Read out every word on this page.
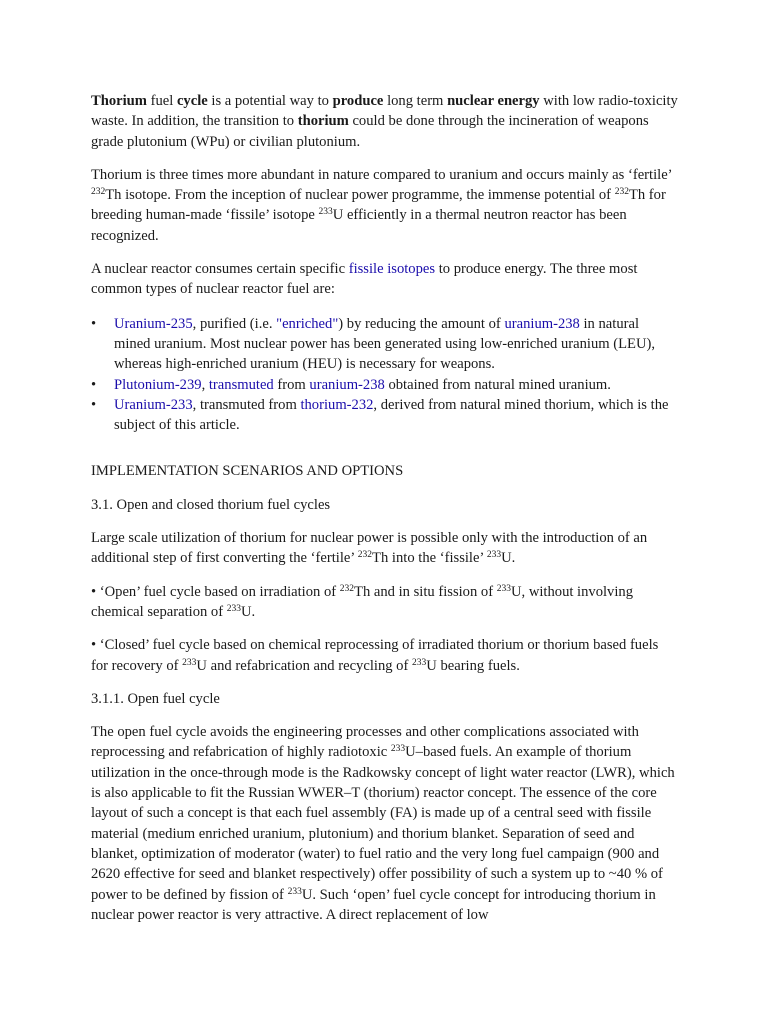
Thorium fuel cycle is a potential way to produce long term nuclear energy with low radio-toxicity waste. In addition, the transition to thorium could be done through the incineration of weapons grade plutonium (WPu) or civilian plutonium.

Thorium is three times more abundant in nature compared to uranium and occurs mainly as ‘fertile’ $^{232}$Th isotope. From the inception of nuclear power programme, the immense potential of $^{232}$Th for breeding human-made ‘fissile’ isotope $^{233}$U efficiently in a thermal neutron reactor has been recognized.

A nuclear reactor consumes certain specific fissile isotopes to produce energy. The three most common types of nuclear reactor fuel are:

•	Uranium-235, purified (i.e. "enriched") by reducing the amount of uranium-238 in natural mined uranium. Most nuclear power has been generated using low-enriched uranium (LEU), whereas high-enriched uranium (HEU) is necessary for weapons.
•	Plutonium-239, transmuted from uranium-238 obtained from natural mined uranium.
•	Uranium-233, transmuted from thorium-232, derived from natural mined thorium, which is the subject of this article.

IMPLEMENTATION SCENARIOS AND OPTIONS

3.1. Open and closed thorium fuel cycles

Large scale utilization of thorium for nuclear power is possible only with the introduction of an additional step of first converting the ‘fertile’ $^{232}$Th into the ‘fissile’ $^{233}$U.

• ‘Open’ fuel cycle based on irradiation of $^{232}$Th and in situ fission of $^{233}$U, without involving chemical separation of $^{233}$U.

• ‘Closed’ fuel cycle based on chemical reprocessing of irradiated thorium or thorium based fuels for recovery of $^{233}$U and refabrication and recycling of $^{233}$U bearing fuels.

3.1.1. Open fuel cycle

The open fuel cycle avoids the engineering processes and other complications associated with reprocessing and refabrication of highly radiotoxic $^{233}$U–based fuels. An example of thorium utilization in the once-through mode is the Radkowsky concept of light water reactor (LWR), which is also applicable to fit the Russian WWER–T (thorium) reactor concept. The essence of the core layout of such a concept is that each fuel assembly (FA) is made up of a central seed with fissile material (medium enriched uranium, plutonium) and thorium blanket. Separation of seed and blanket, optimization of moderator (water) to fuel ratio and the very long fuel campaign (900 and 2620 effective for seed and blanket respectively) offer possibility of such a system up to ~40 % of power to be defined by fission of $^{233}$U. Such ‘open’ fuel cycle concept for introducing thorium in nuclear power reactor is very attractive. A direct replacement of low
